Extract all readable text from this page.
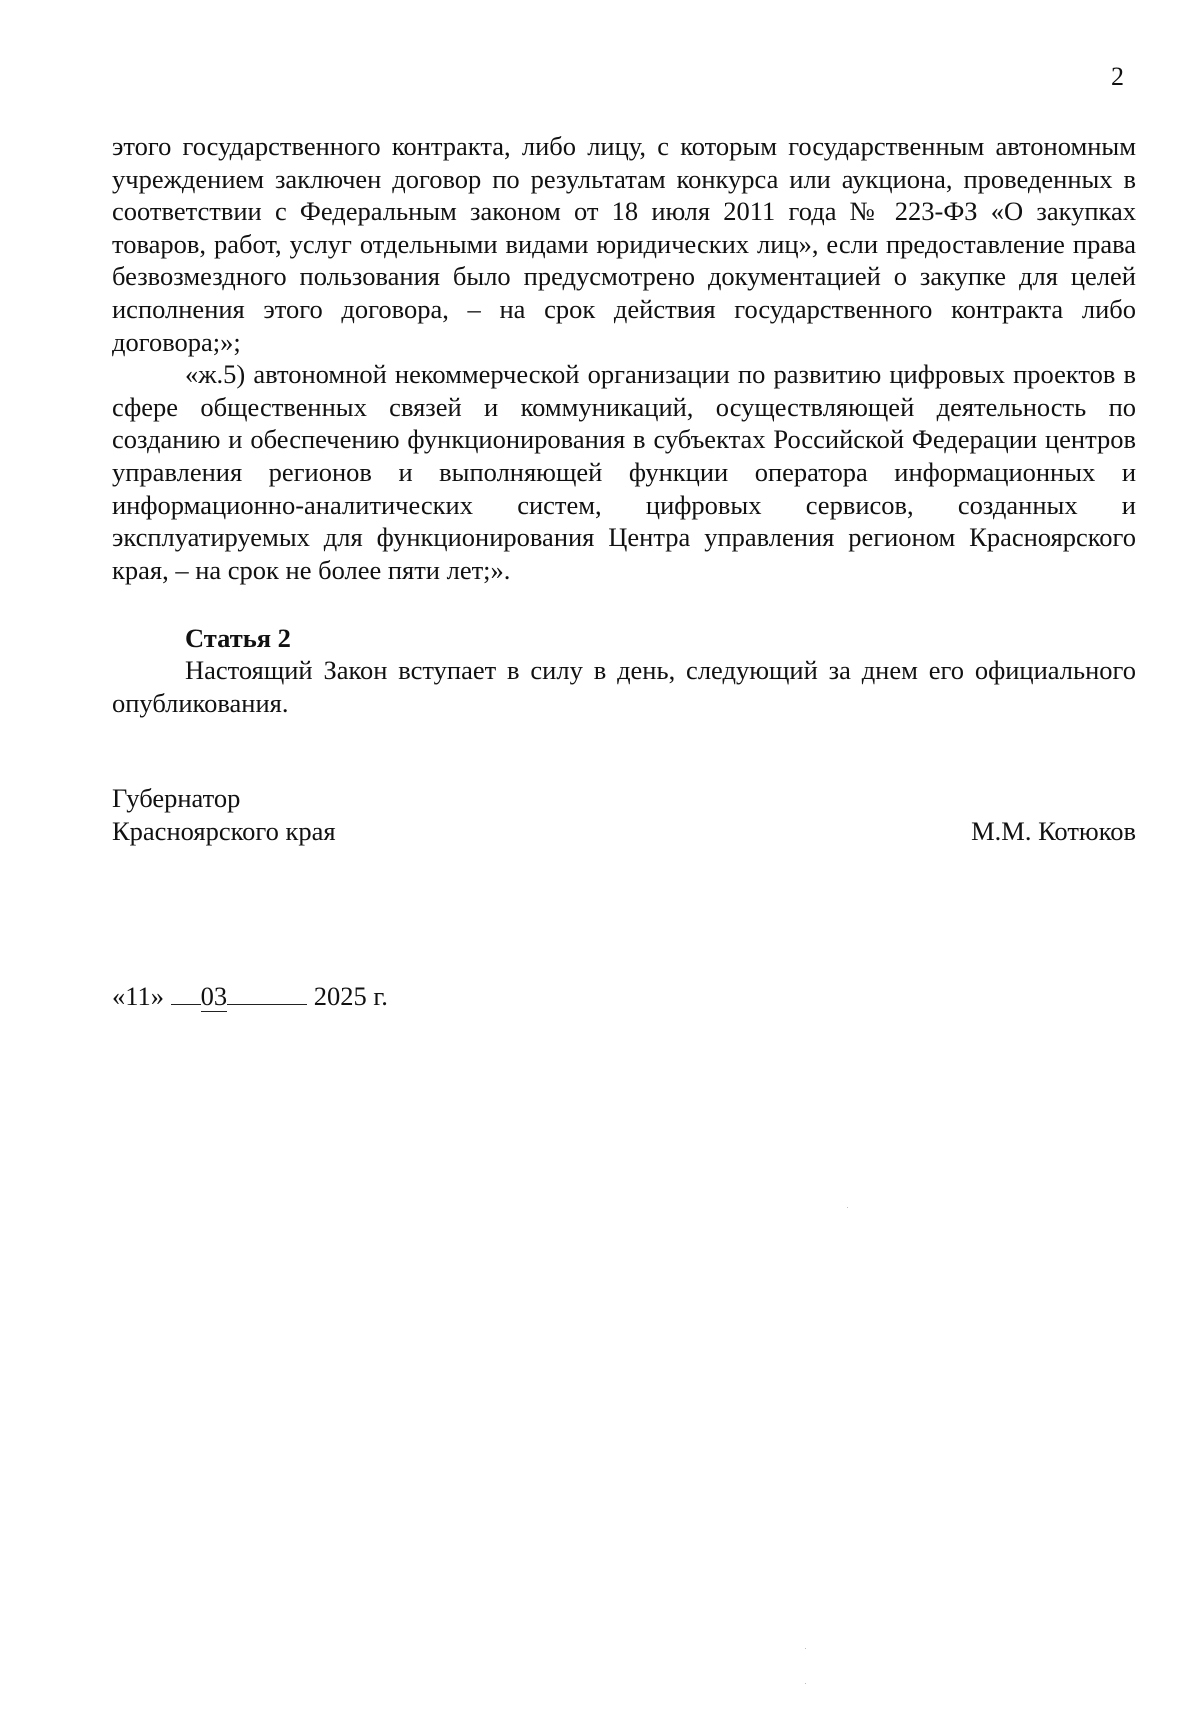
2

этого государственного контракта, либо лицу, с которым государственным автономным учреждением заключен договор по результатам конкурса или аукциона, проведенных в соответствии с Федеральным законом от 18 июля 2011 года № 223-ФЗ «О закупках товаров, работ, услуг отдельными видами юридических лиц», если предоставление права безвозмездного пользования было предусмотрено документацией о закупке для целей исполнения этого договора, – на срок действия государственного контракта либо договора;»;

«ж.5) автономной некоммерческой организации по развитию цифровых проектов в сфере общественных связей и коммуникаций, осуществляющей деятельность по созданию и обеспечению функционирования в субъектах Российской Федерации центров управления регионов и выполняющей функции оператора информационных и информационно-аналитических систем, цифровых сервисов, созданных и эксплуатируемых для функционирования Центра управления регионом Красноярского края, – на срок не более пяти лет;».

Статья 2

Настоящий Закон вступает в силу в день, следующий за днем его официального опубликования.

Губернатор
Красноярского края	М.М. Котюков
«11» 03	2025 г.
